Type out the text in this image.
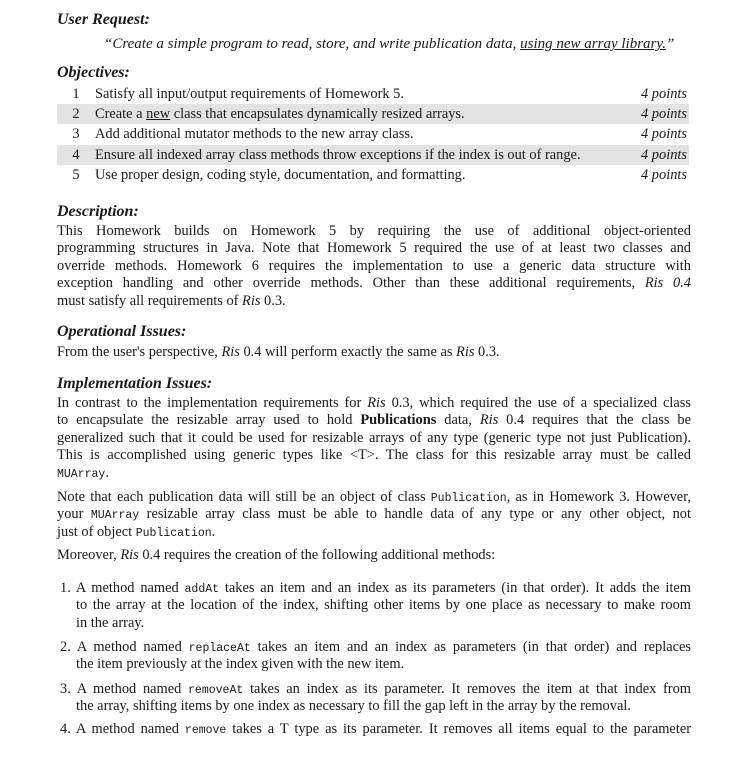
User Request:
“Create a simple program to read, store, and write publication data, using new array library.”
Objectives:
1 Satisfy all input/output requirements of Homework 5.	4 points
2 Create a new class that encapsulates dynamically resized arrays.	4 points
3 Add additional mutator methods to the new array class.	4 points
4 Ensure all indexed array class methods throw exceptions if the index is out of range.	4 points
5 Use proper design, coding style, documentation, and formatting.	4 points
Description:
This Homework builds on Homework 5 by requiring the use of additional object-oriented
programming structures in Java. Note that Homework 5 required the use of at least two classes and
override methods. Homework 6 requires the implementation to use a generic data structure with
exception handling and other override methods. Other than these additional requirements, Ris 0.4
must satisfy all requirements of Ris 0.3.
Operational Issues:
From the user's perspective, Ris 0.4 will perform exactly the same as Ris 0.3.
Implementation Issues:
In contrast to the implementation requirements for Ris 0.3, which required the use of a specialized class
to encapsulate the resizable array used to hold Publications data, Ris 0.4 requires that the class be
generalized such that it could be used for resizable arrays of any type (generic type not just Publication).
This is accomplished using generic types like <T>. The class for this resizable array must be called
MUArray.
Note that each publication data will still be an object of class Publication, as in Homework 3. However,
your MUArray resizable array class must be able to handle data of any type or any other object, not
just of object Publication.
Moreover, Ris 0.4 requires the creation of the following additional methods:
1. A method named addAt takes an item and an index as its parameters (in that order). It adds the item
to the array at the location of the index, shifting other items by one place as necessary to make room
in the array.
2. A method named replaceAt takes an item and an index as parameters (in that order) and replaces
the item previously at the index given with the new item.
3. A method named removeAt takes an index as its parameter. It removes the item at that index from
the array, shifting items by one index as necessary to fill the gap left in the array by the removal.
4. A method named remove takes a T type as its parameter. It removes all items equal to the parameter
